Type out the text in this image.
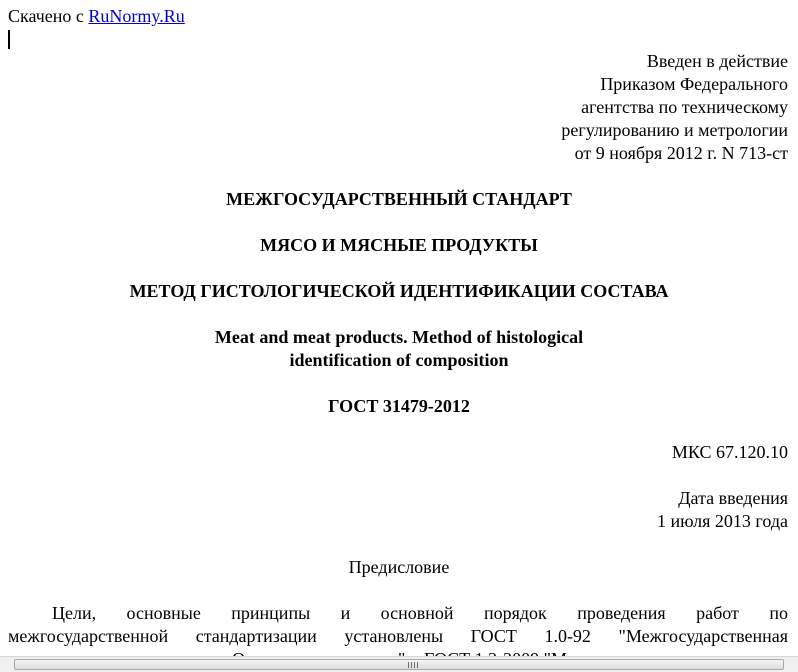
Скачено с RuNormy.Ru
Введен в действие
Приказом Федерального
агентства по техническому
регулированию и метрологии
от 9 ноября 2012 г. N 713-ст
МЕЖГОСУДАРСТВЕННЫЙ СТАНДАРТ
МЯСО И МЯСНЫЕ ПРОДУКТЫ
МЕТОД ГИСТОЛОГИЧЕСКОЙ ИДЕНТИФИКАЦИИ СОСТАВА
Meat and meat products. Method of histological
identification of composition
ГОСТ 31479-2012
МКС 67.120.10
Дата введения
1 июля 2013 года
Предисловие
Цели, основные принципы и основной порядок проведения работ по
межгосударственной стандартизации установлены ГОСТ 1.0-92 "Межгосударственная
